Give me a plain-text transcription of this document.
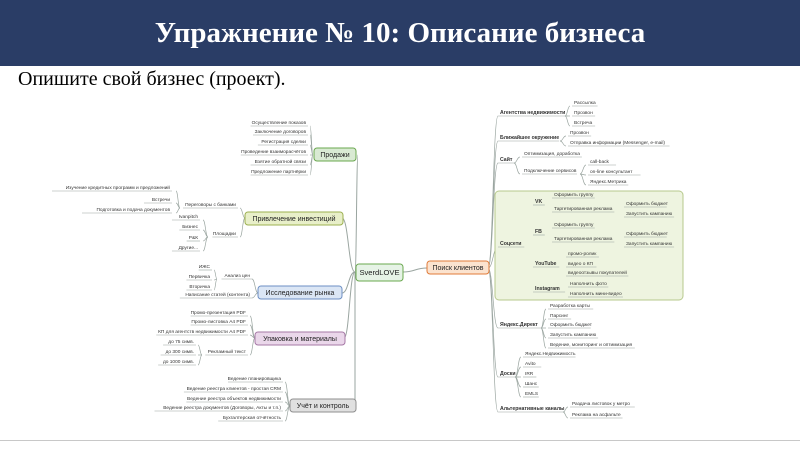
Упражнение № 10: Описание бизнеса
Опишите свой бизнес (проект).
Осуществление показов
Заключение договоров
Регистрация сделки
Проведение взаиморасчётов
Взятие обратной связи
Предложение партнёрки
Переговоры с банками
Изучение кредитных программ и предложений
Встречи
Подготовка и подача документов
Площадки
Ivanpitch
Бизнес
Р&К
Другие...
Анализ цен
ИЖС
Первичка
Вторичка
Написание статей (контента)
Промо-презентация PDF
Промо-листовка А4 PDF
КП для агентств недвижимости А4 PDF
Рекламный текст
до 75 симв.
до 300 симв.
до 1000 симв.
Ведение планировщика
Ведение реестра клиентов - простая CRM
Ведение реестра объектов недвижимости
Ведение реестра документов (Договоры, Акты и т.п.)
Бухгалтерская отчётность
Продажи
Привлечение инвестиций
Исследование рынка
Упаковка и материалы
Учёт и контроль
Агентства недвижимости
Рассылка
Прозвон
Встреча
Ближайшее окружение
Прозвон
Отправка информации (Messenger, e-mail)
Сайт
Оптимизация, доработка
Подключение сервисов
call-back
on-line консультант
Яндекс.Метрика
Соцсети
VK
Оформить группу
Таргетированная реклама
Оформить бюджет
Запустить кампанию
FB
Оформить группу
Таргетированная реклама
Оформить бюджет
Запустить кампанию
YouTube
промо-ролик
видео о КП
видеоотзывы покупателей
Instagram
Наполнить фото
Наполнить мини-видео
Яндекс.Директ
Разработка карты
Парсинг
Оформить бюджет
Запустить кампанию
Ведение, мониторинг и оптимизация
Доски
Яндекс.Недвижимость
Avito
IRR
Шанс
EMLS
Альтернативные каналы
Раздача листовок у метро
Реклама на асфальте
Поиск клиентов
SverdLOVE
